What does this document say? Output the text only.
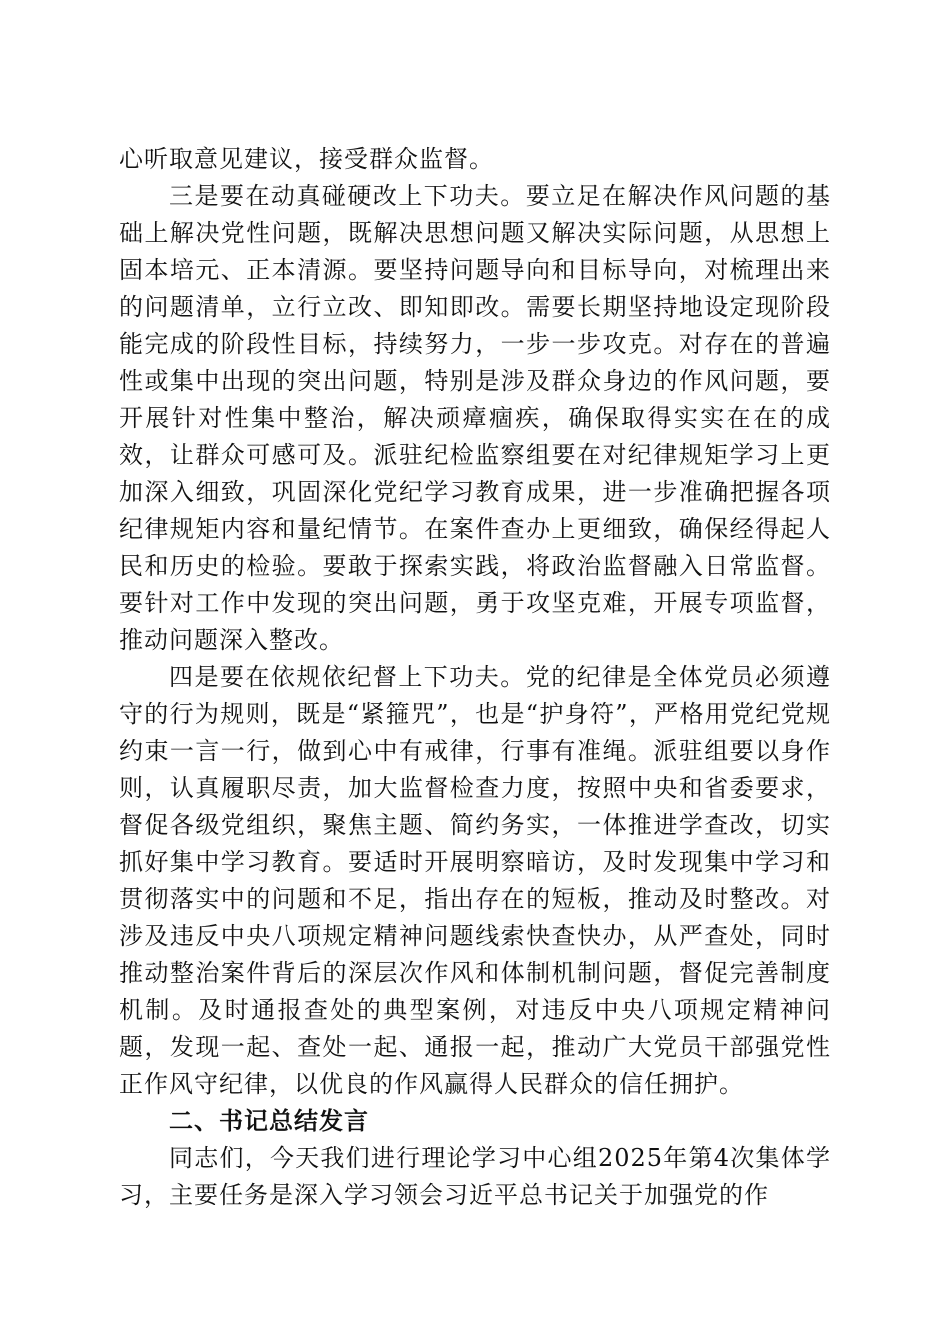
心听取意见建议，接受群众监督。

三是要在动真碰硬改上下功夫。要立足在解决作风问题的基础上解决党性问题，既解决思想问题又解决实际问题，从思想上固本培元、正本清源。要坚持问题导向和目标导向，对梳理出来的问题清单，立行立改、即知即改。需要长期坚持地设定现阶段能完成的阶段性目标，持续努力，一步一步攻克。对存在的普遍性或集中出现的突出问题，特别是涉及群众身边的作风问题，要开展针对性集中整治，解决顽瘴痼疾，确保取得实实在在的成效，让群众可感可及。派驻纪检监察组要在对纪律规矩学习上更加深入细致，巩固深化党纪学习教育成果，进一步准确把握各项纪律规矩内容和量纪情节。在案件查办上更细致，确保经得起人民和历史的检验。要敢于探索实践，将政治监督融入日常监督。要针对工作中发现的突出问题，勇于攻坚克难，开展专项监督，推动问题深入整改。

四是要在依规依纪督上下功夫。党的纪律是全体党员必须遵守的行为规则，既是“紧箍咒”，也是“护身符”，严格用党纪党规约束一言一行，做到心中有戒律，行事有准绳。派驻组要以身作则，认真履职尽责，加大监督检查力度，按照中央和省委要求，督促各级党组织，聚焦主题、简约务实，一体推进学查改，切实抓好集中学习教育。要适时开展明察暗访，及时发现集中学习和贯彻落实中的问题和不足，指出存在的短板，推动及时整改。对涉及违反中央八项规定精神问题线索快查快办，从严查处，同时推动整治案件背后的深层次作风和体制机制问题，督促完善制度机制。及时通报查处的典型案例，对违反中央八项规定精神问题，发现一起、查处一起、通报一起，推动广大党员干部强党性正作风守纪律，以优良的作风赢得人民群众的信任拥护。

二、书记总结发言

同志们，今天我们进行理论学习中心组2025年第4次集体学习，主要任务是深入学习领会习近平总书记关于加强党的作
